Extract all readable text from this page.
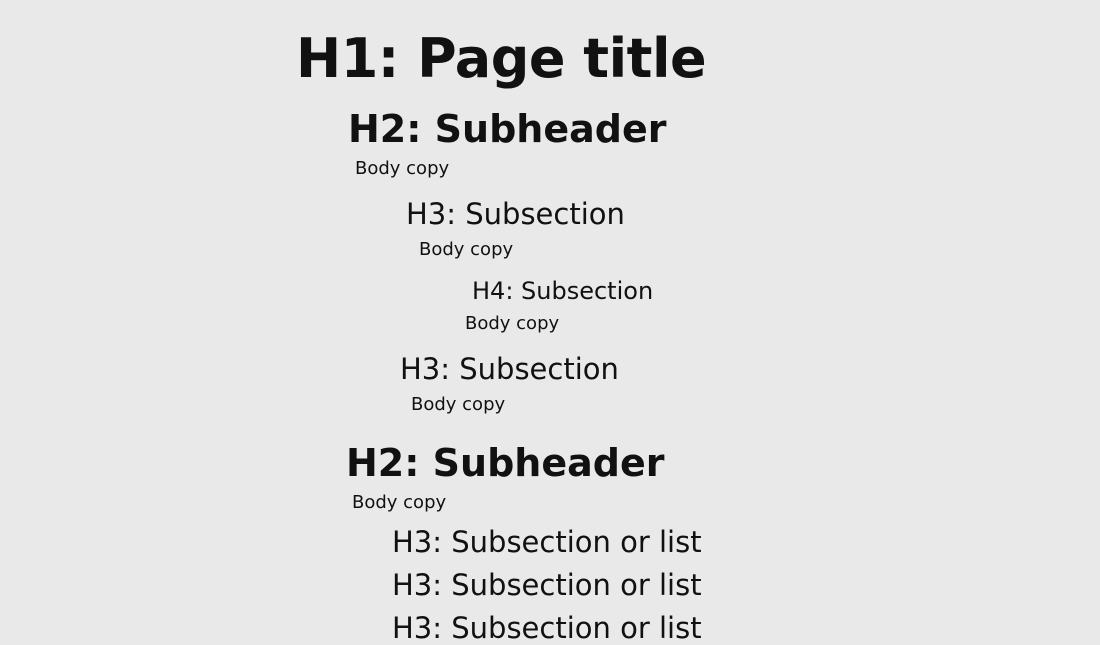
H1: Page title
H2: Subheader
Body copy
H3: Subsection
Body copy
H4: Subsection
Body copy
H3: Subsection
Body copy
H2: Subheader
Body copy
H3: Subsection or list
H3: Subsection or list
H3: Subsection or list
